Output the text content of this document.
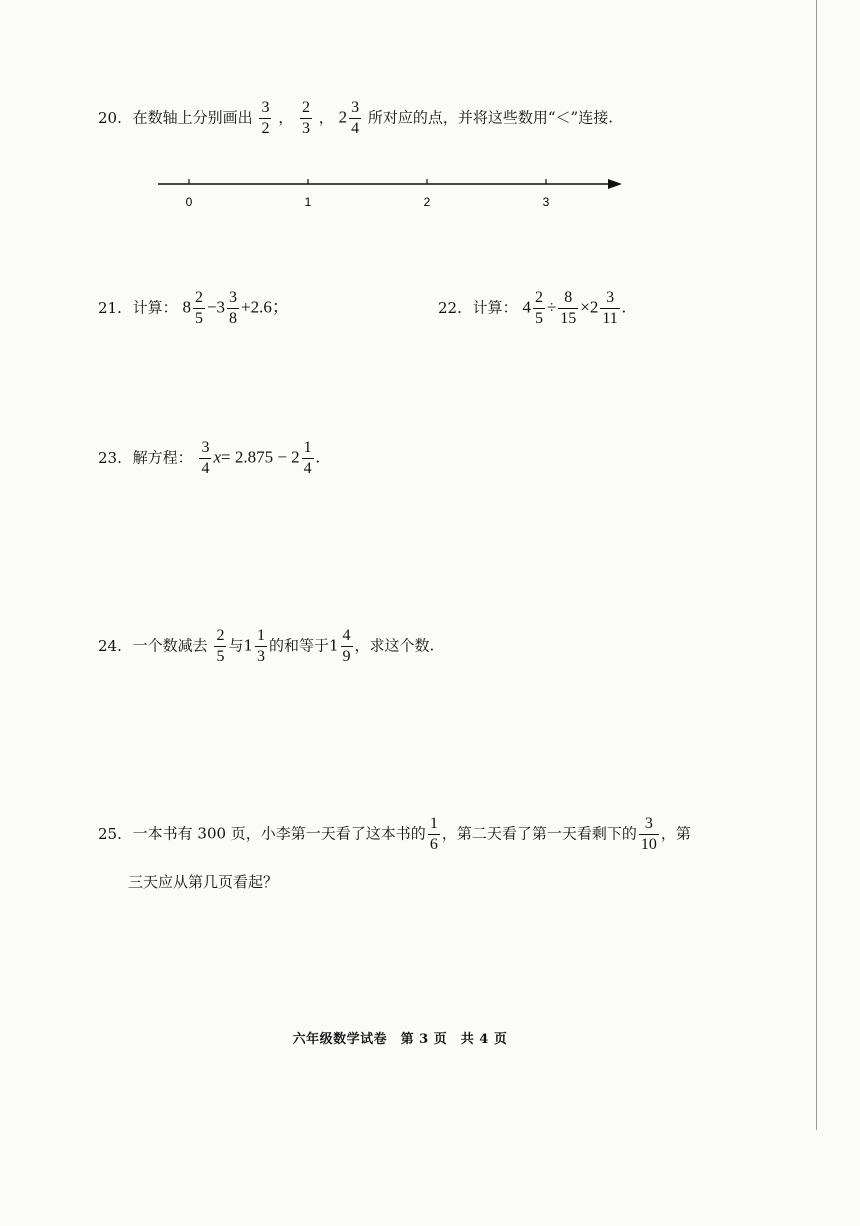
20. 在数轴上分别画出 $\frac{3}{2}$ ， $\frac{2}{3}$ ， $2 \frac{3}{4}$ 所对应的点，并将这些数用“＜”连接.
0	1	2	3
21. 计算： $8 \frac{2}{5} -3 \frac{3}{8} +2.6$；	22. 计算： $4 \frac{2}{5} \div \frac{8}{15} \times 2 \frac{3}{11}$ .
23. 解方程： $\frac{3}{4} x= 2.875 - 2 \frac{1}{4}$ .
24. 一个数减去 $\frac{2}{5}$ 与$1 \frac{1}{3}$ 的和等于$1 \frac{4}{9}$ ，求这个数.
25. 一本书有 300 页，小李第一天看了这本书的 $\frac{1}{6}$ ，第二天看了第一天看剩下的 $\frac{3}{10}$ ，第
三天应从第几页看起？
六年级数学试卷　第 3 页　共 4 页
